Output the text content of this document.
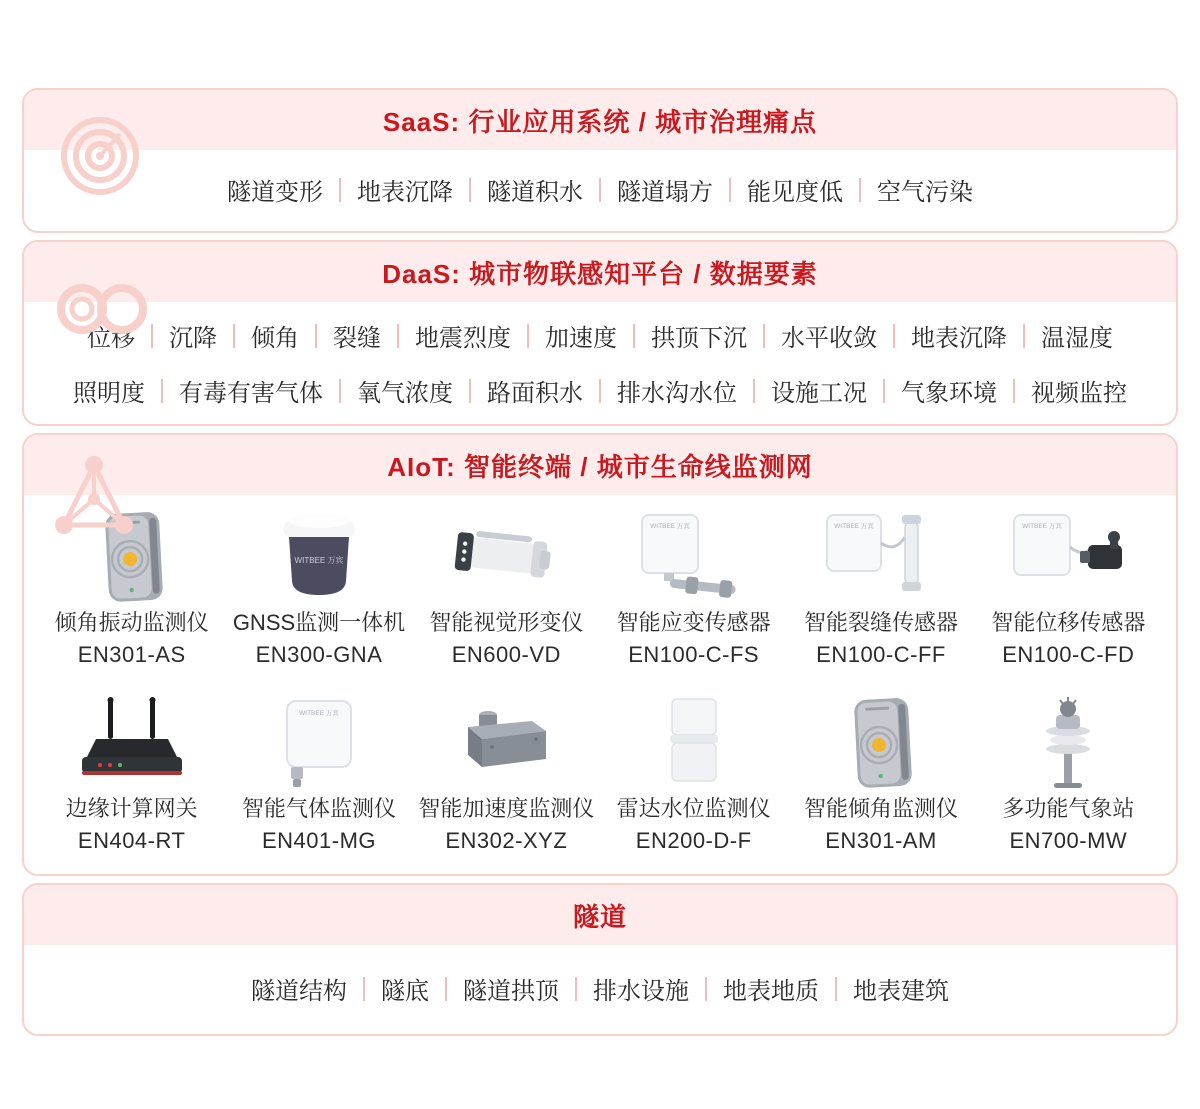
SaaS: 行业应用系统 / 城市治理痛点
隧道变形 地表沉降 隧道积水 隧道塌方 能见度低 空气污染
DaaS: 城市物联感知平台 / 数据要素
位移 沉降 倾角 裂缝 地震烈度 加速度 拱顶下沉 水平收敛 地表沉降 温湿度
照明度 有毒有害气体 氧气浓度 路面积水 排水沟水位 设施工况 气象环境 视频监控
AIoT: 智能终端 / 城市生命线监测网
倾角振动监测仪
EN301-AS
WITBEE 万宾
GNSS监测一体机
EN300-GNA
智能视觉形变仪
EN600-VD
WITBEE 万宾
智能应变传感器
EN100-C-FS
WITBEE 万宾
智能裂缝传感器
EN100-C-FF
WITBEE 万宾
智能位移传感器
EN100-C-FD
边缘计算网关
EN404-RT
WITBEE 万宾
智能气体监测仪
EN401-MG
智能加速度监测仪
EN302-XYZ
雷达水位监测仪
EN200-D-F
智能倾角监测仪
EN301-AM
多功能气象站
EN700-MW
隧道
隧道结构 隧底 隧道拱顶 排水设施 地表地质 地表建筑
